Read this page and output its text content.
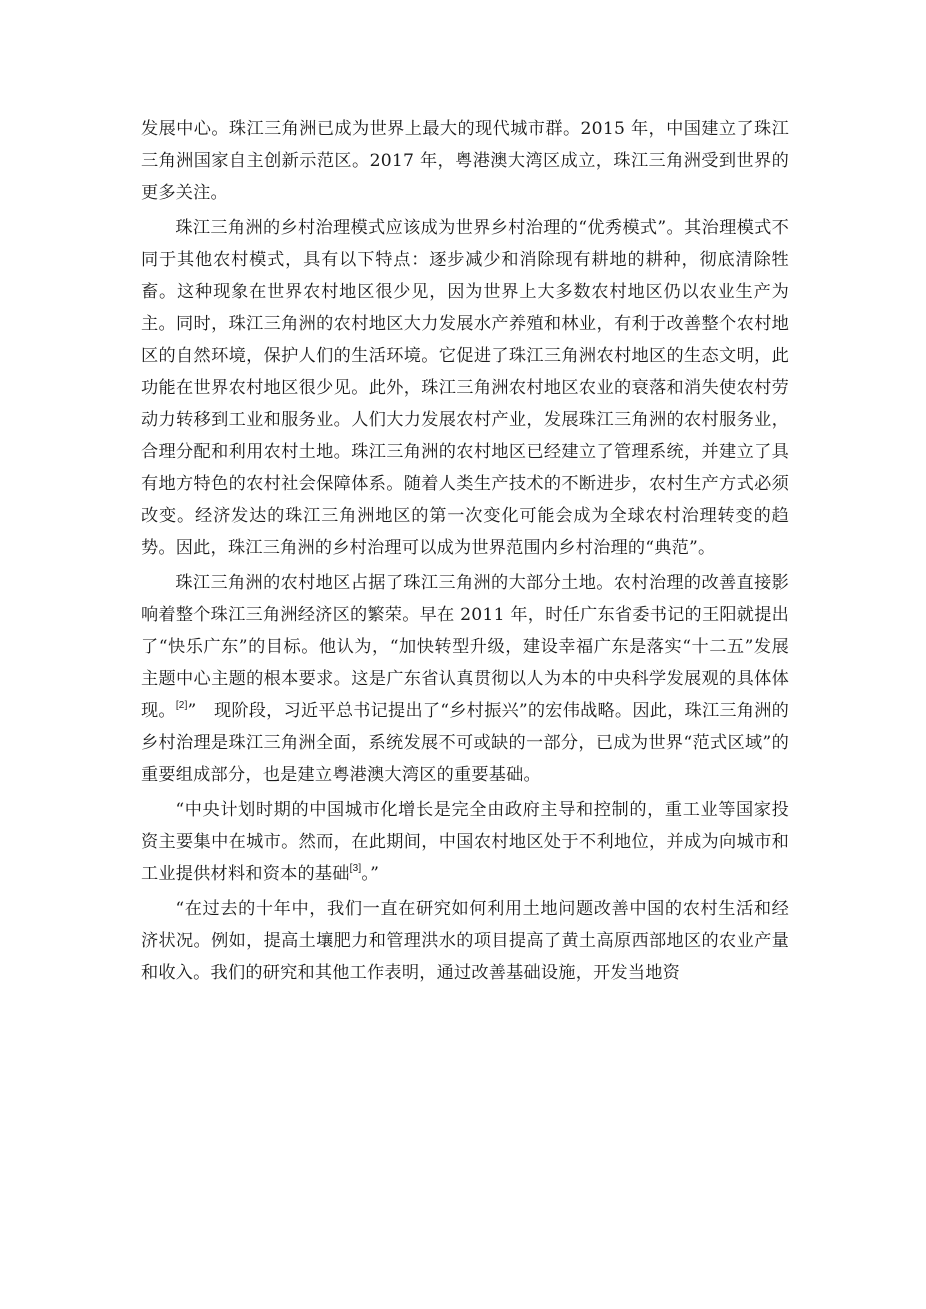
发展中心。珠江三角洲已成为世界上最大的现代城市群。2015 年，中国建立了珠江三角洲国家自主创新示范区。2017 年，粤港澳大湾区成立，珠江三角洲受到世界的更多关注。

珠江三角洲的乡村治理模式应该成为世界乡村治理的“优秀模式”。其治理模式不同于其他农村模式，具有以下特点：逐步减少和消除现有耕地的耕种，彻底清除牲畜。这种现象在世界农村地区很少见，因为世界上大多数农村地区仍以农业生产为主。同时，珠江三角洲的农村地区大力发展水产养殖和林业，有利于改善整个农村地区的自然环境，保护人们的生活环境。它促进了珠江三角洲农村地区的生态文明，此功能在世界农村地区很少见。此外，珠江三角洲农村地区农业的衰落和消失使农村劳动力转移到工业和服务业。人们大力发展农村产业，发展珠江三角洲的农村服务业，合理分配和利用农村土地。珠江三角洲的农村地区已经建立了管理系统，并建立了具有地方特色的农村社会保障体系。随着人类生产技术的不断进步，农村生产方式必须改变。经济发达的珠江三角洲地区的第一次变化可能会成为全球农村治理转变的趋势。因此，珠江三角洲的乡村治理可以成为世界范围内乡村治理的“典范”。

珠江三角洲的农村地区占据了珠江三角洲的大部分土地。农村治理的改善直接影响着整个珠江三角洲经济区的繁荣。早在 2011 年，时任广东省委书记的王阳就提出了“快乐广东”的目标。他认为，“加快转型升级，建设幸福广东是落实“十二五”发展主题中心主题的根本要求。这是广东省认真贯彻以人为本的中央科学发展观的具体体现。[2]”　现阶段，习近平总书记提出了“乡村振兴”的宏伟战略。因此，珠江三角洲的乡村治理是珠江三角洲全面，系统发展不可或缺的一部分，已成为世界“范式区域”的重要组成部分，也是建立粤港澳大湾区的重要基础。

“中央计划时期的中国城市化增长是完全由政府主导和控制的，重工业等国家投资主要集中在城市。然而，在此期间，中国农村地区处于不利地位，并成为向城市和工业提供材料和资本的基础[3]。”

“在过去的十年中，我们一直在研究如何利用土地问题改善中国的农村生活和经济状况。例如，提高土壤肥力和管理洪水的项目提高了黄土高原西部地区的农业产量和收入。我们的研究和其他工作表明，通过改善基础设施，开发当地资
